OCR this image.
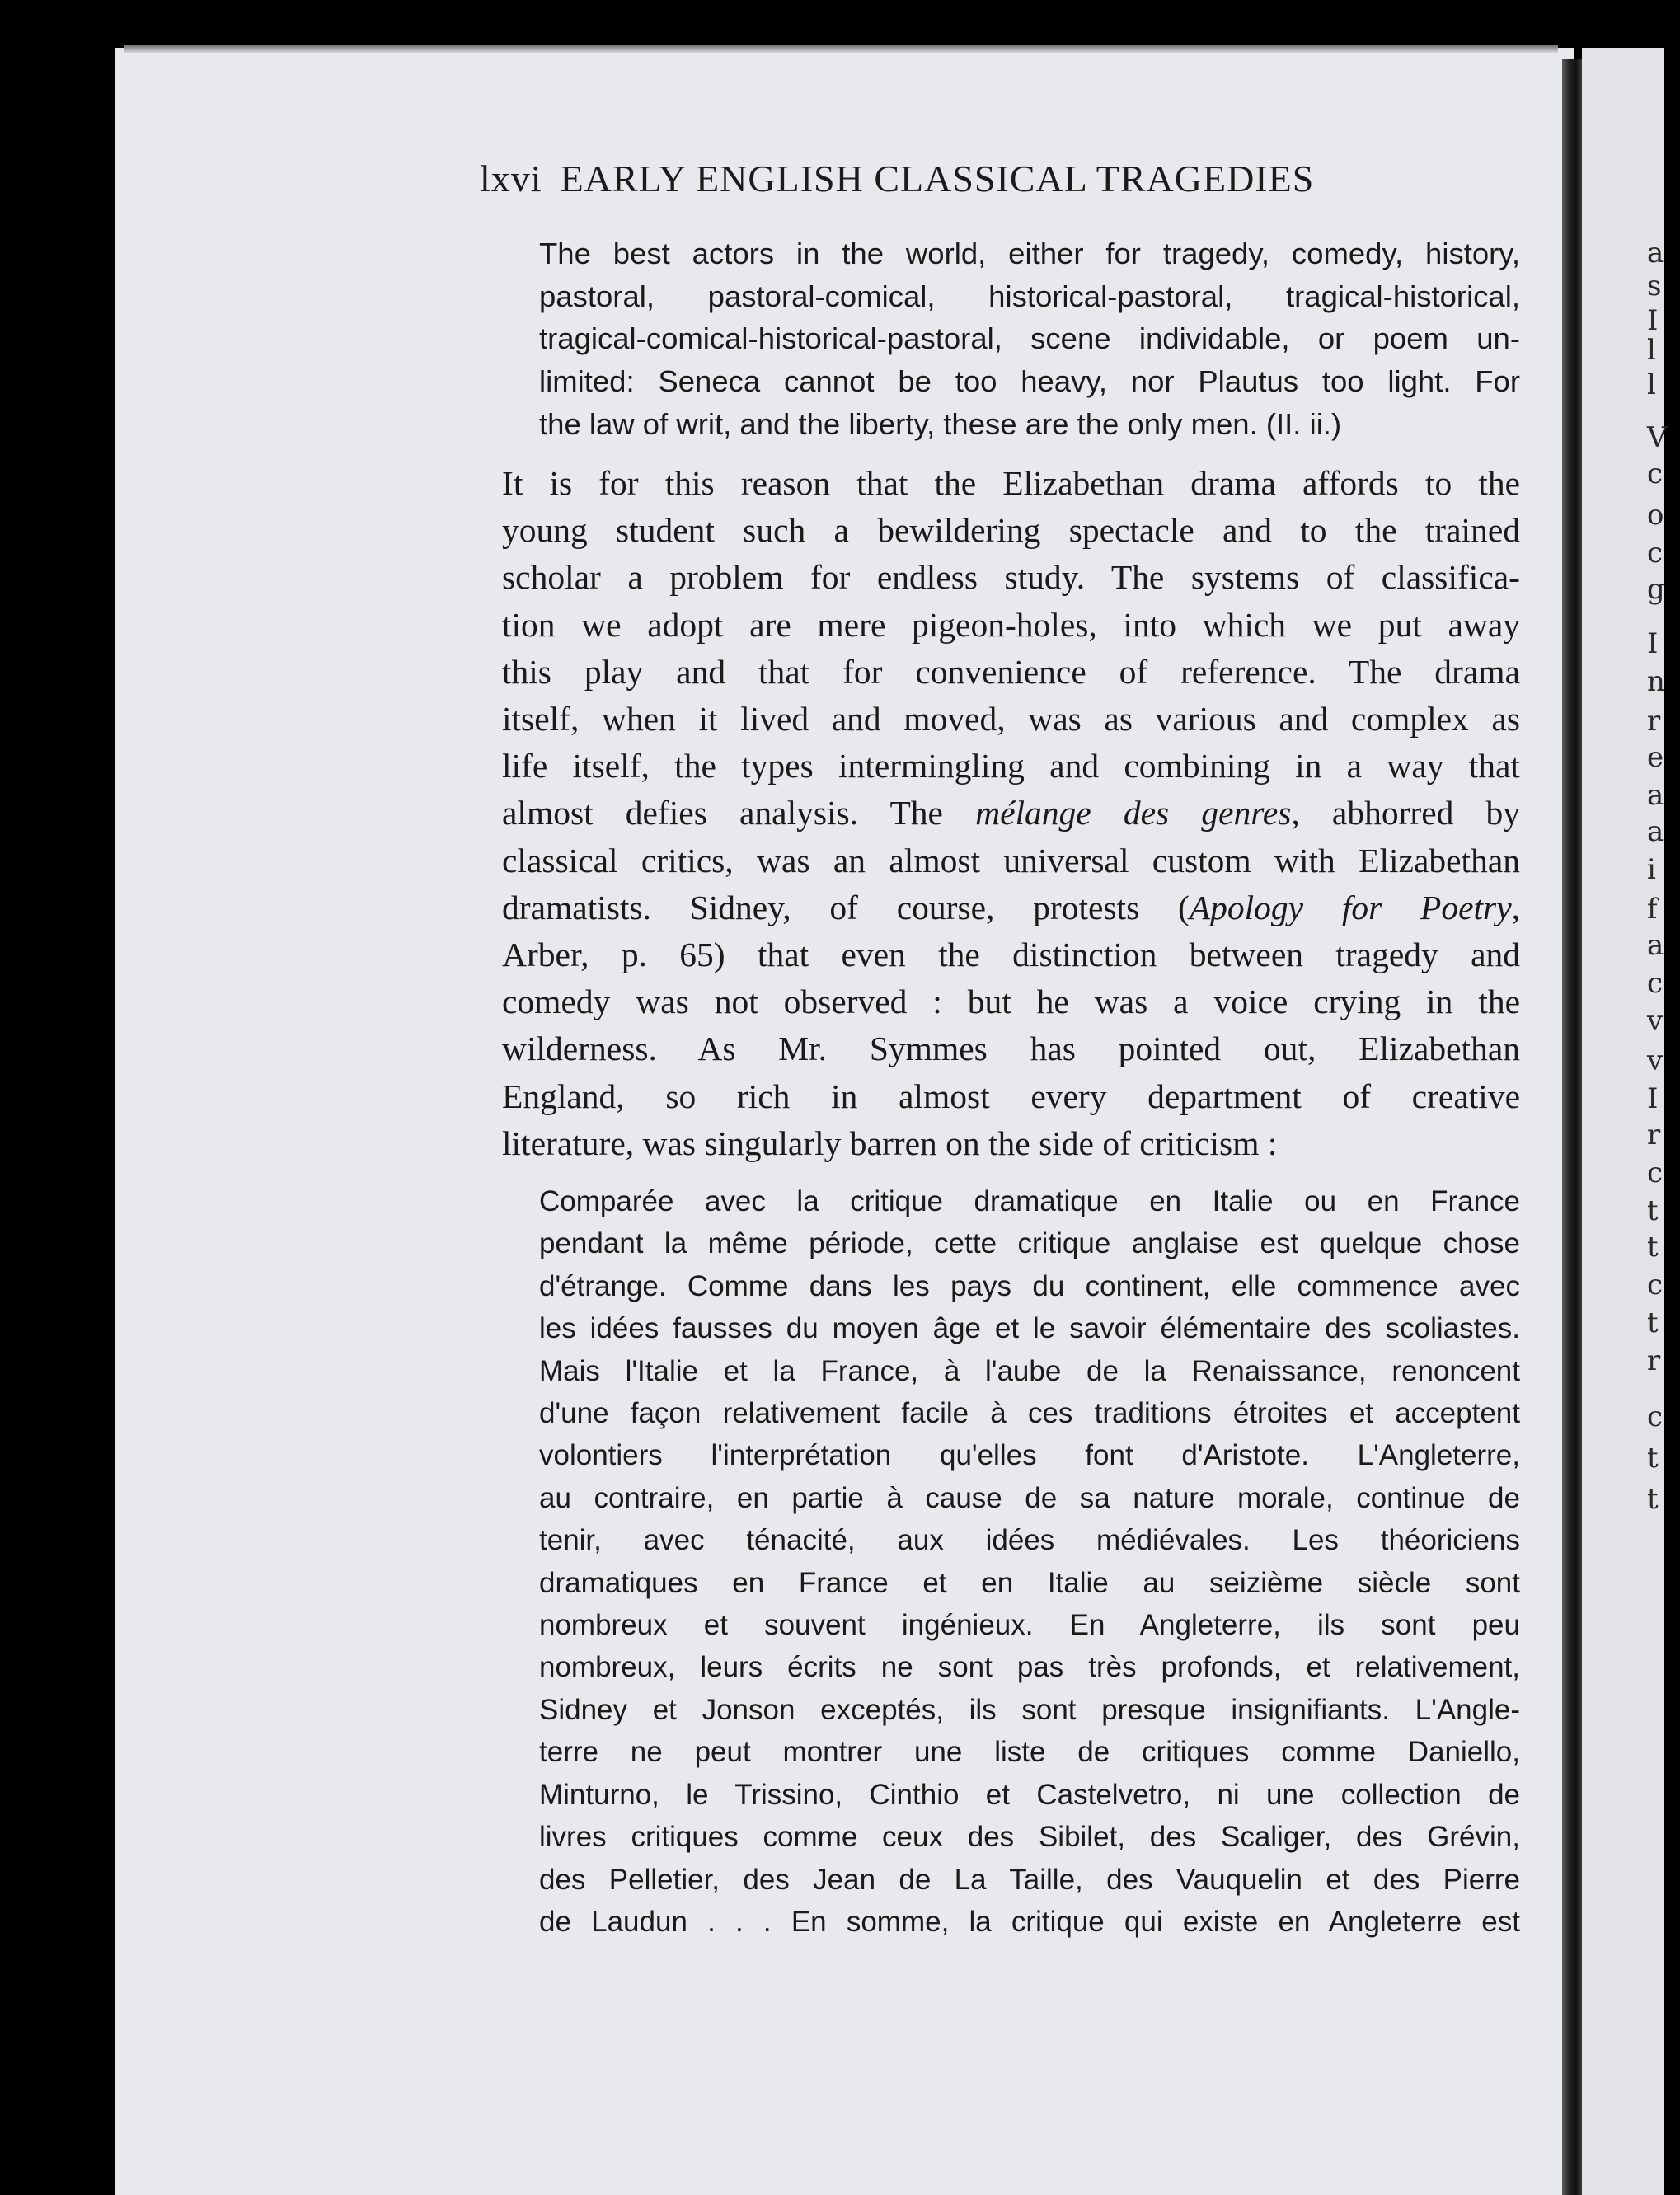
a
s
I
l
l
V
c
o
c
g
I
n
r
e
a
a
i
f
a
c
v
v
I
r
c
t
t
c
t
r
c
t
t
lxvi EARLY ENGLISH CLASSICAL TRAGEDIES
The best actors in the world, either for tragedy, comedy, history,
pastoral, pastoral-comical, historical-pastoral, tragical-historical,
tragical-comical-historical-pastoral, scene individable, or poem un-
limited: Seneca cannot be too heavy, nor Plautus too light. For
the law of writ, and the liberty, these are the only men. (II. ii.)
It is for this reason that the Elizabethan drama affords to the
young student such a bewildering spectacle and to the trained
scholar a problem for endless study. The systems of classifica-
tion we adopt are mere pigeon-holes, into which we put away
this play and that for convenience of reference. The drama
itself, when it lived and moved, was as various and complex as
life itself, the types intermingling and combining in a way that
almost defies analysis. The mélange des genres, abhorred by
classical critics, was an almost universal custom with Elizabethan
dramatists. Sidney, of course, protests (Apology for Poetry,
Arber, p. 65) that even the distinction between tragedy and
comedy was not observed : but he was a voice crying in the
wilderness. As Mr. Symmes has pointed out, Elizabethan
England, so rich in almost every department of creative
literature, was singularly barren on the side of criticism :
Comparée avec la critique dramatique en Italie ou en France
pendant la même période, cette critique anglaise est quelque chose
d'étrange. Comme dans les pays du continent, elle commence avec
les idées fausses du moyen âge et le savoir élémentaire des scoliastes.
Mais l'Italie et la France, à l'aube de la Renaissance, renoncent
d'une façon relativement facile à ces traditions étroites et acceptent
volontiers l'interprétation qu'elles font d'Aristote. L'Angleterre,
au contraire, en partie à cause de sa nature morale, continue de
tenir, avec ténacité, aux idées médiévales. Les théoriciens
dramatiques en France et en Italie au seizième siècle sont
nombreux et souvent ingénieux. En Angleterre, ils sont peu
nombreux, leurs écrits ne sont pas très profonds, et relativement,
Sidney et Jonson exceptés, ils sont presque insignifiants. L'Angle-
terre ne peut montrer une liste de critiques comme Daniello,
Minturno, le Trissino, Cinthio et Castelvetro, ni une collection de
livres critiques comme ceux des Sibilet, des Scaliger, des Grévin,
des Pelletier, des Jean de La Taille, des Vauquelin et des Pierre
de Laudun . . . En somme, la critique qui existe en Angleterre est
